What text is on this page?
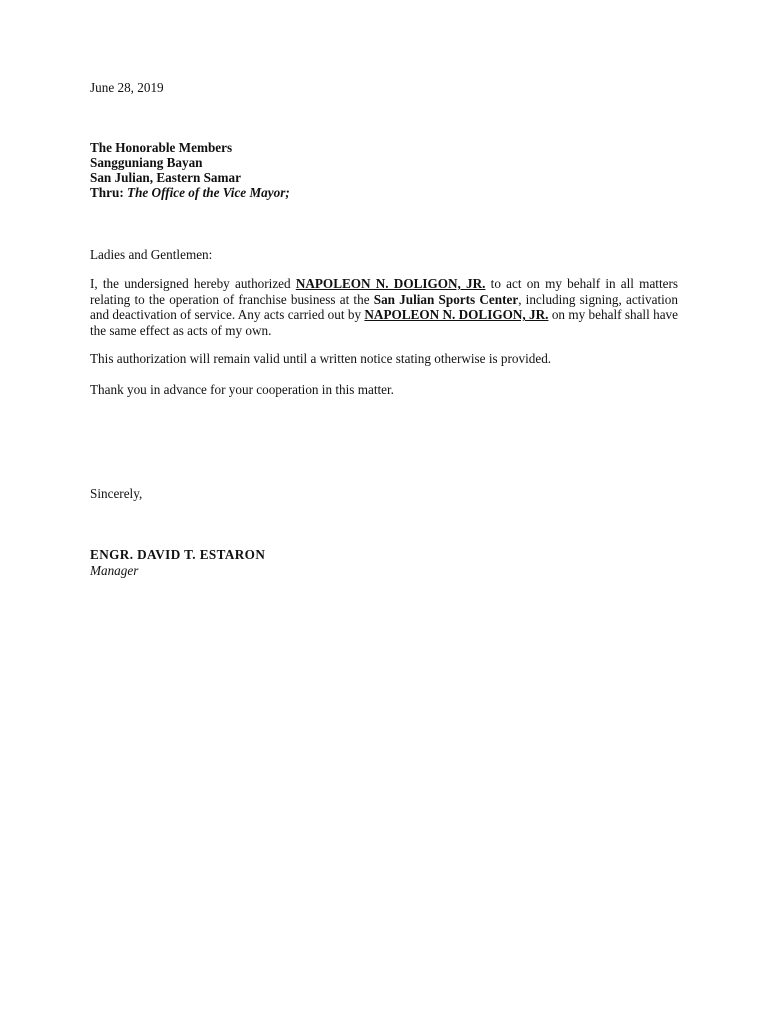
June 28, 2019
The Honorable Members
Sangguniang Bayan
San Julian, Eastern Samar
Thru: The Office of the Vice Mayor;
Ladies and Gentlemen:
I, the undersigned hereby authorized NAPOLEON N. DOLIGON, JR. to act on my behalf in all matters relating to the operation of franchise business at the San Julian Sports Center, including signing, activation and deactivation of service. Any acts carried out by NAPOLEON N. DOLIGON, JR. on my behalf shall have the same effect as acts of my own.
This authorization will remain valid until a written notice stating otherwise is provided.
Thank you in advance for your cooperation in this matter.
Sincerely,
ENGR. DAVID T. ESTARON
Manager
